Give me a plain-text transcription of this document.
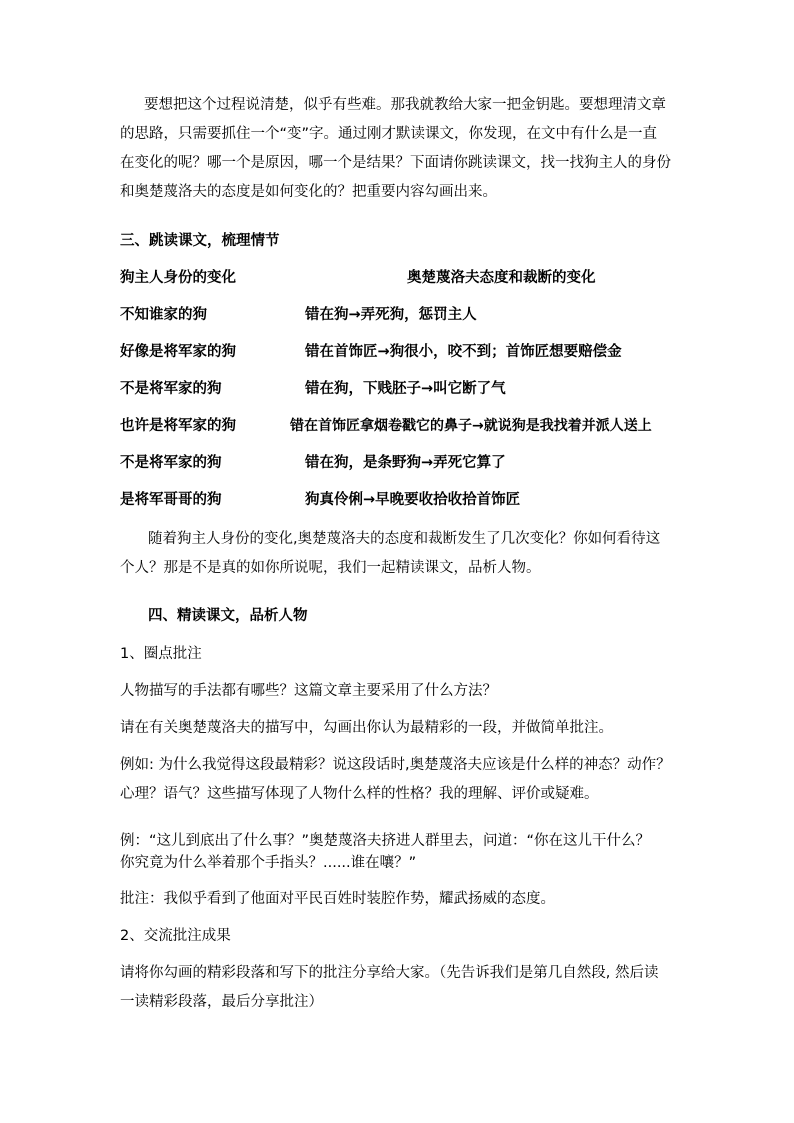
要想把这个过程说清楚，似乎有些难。那我就教给大家一把金钥匙。要想理清文章
的思路，只需要抓住一个“变”字。通过刚才默读课文，你发现，在文中有什么是一直
在变化的呢？哪一个是原因，哪一个是结果？下面请你跳读课文，找一找狗主人的身份
和奥楚蔑洛夫的态度是如何变化的？把重要内容勾画出来。
三、跳读课文，梳理情节
狗主人身份的变化	奥楚蔑洛夫态度和裁断的变化
不知谁家的狗	错在狗→弄死狗，惩罚主人
好像是将军家的狗	错在首饰匠→狗很小，咬不到；首饰匠想要赔偿金
不是将军家的狗	错在狗，下贱胚子→叫它断了气
也许是将军家的狗	错在首饰匠拿烟卷戳它的鼻子→就说狗是我找着并派人送上
不是将军家的狗	错在狗，是条野狗→弄死它算了
是将军哥哥的狗	狗真伶俐→早晚要收拾收拾首饰匠
随着狗主人身份的变化,奥楚蔑洛夫的态度和裁断发生了几次变化？你如何看待这
个人？那是不是真的如你所说呢，我们一起精读课文，品析人物。
四、精读课文，品析人物
1、圈点批注
人物描写的手法都有哪些？这篇文章主要采用了什么方法？
请在有关奥楚蔑洛夫的描写中，勾画出你认为最精彩的一段，并做简单批注。
例如: 为什么我觉得这段最精彩？说这段话时,奥楚蔑洛夫应该是什么样的神态？动作？
心理？语气？这些描写体现了人物什么样的性格？我的理解、评价或疑难。
例：“这儿到底出了什么事？”奥楚蔑洛夫挤进人群里去，问道：“你在这儿干什么？
你究竟为什么举着那个手指头？......谁在嚷？”
批注：我似乎看到了他面对平民百姓时装腔作势，耀武扬威的态度。
2、交流批注成果
请将你勾画的精彩段落和写下的批注分享给大家。（先告诉我们是第几自然段, 然后读
一读精彩段落，最后分享批注）
